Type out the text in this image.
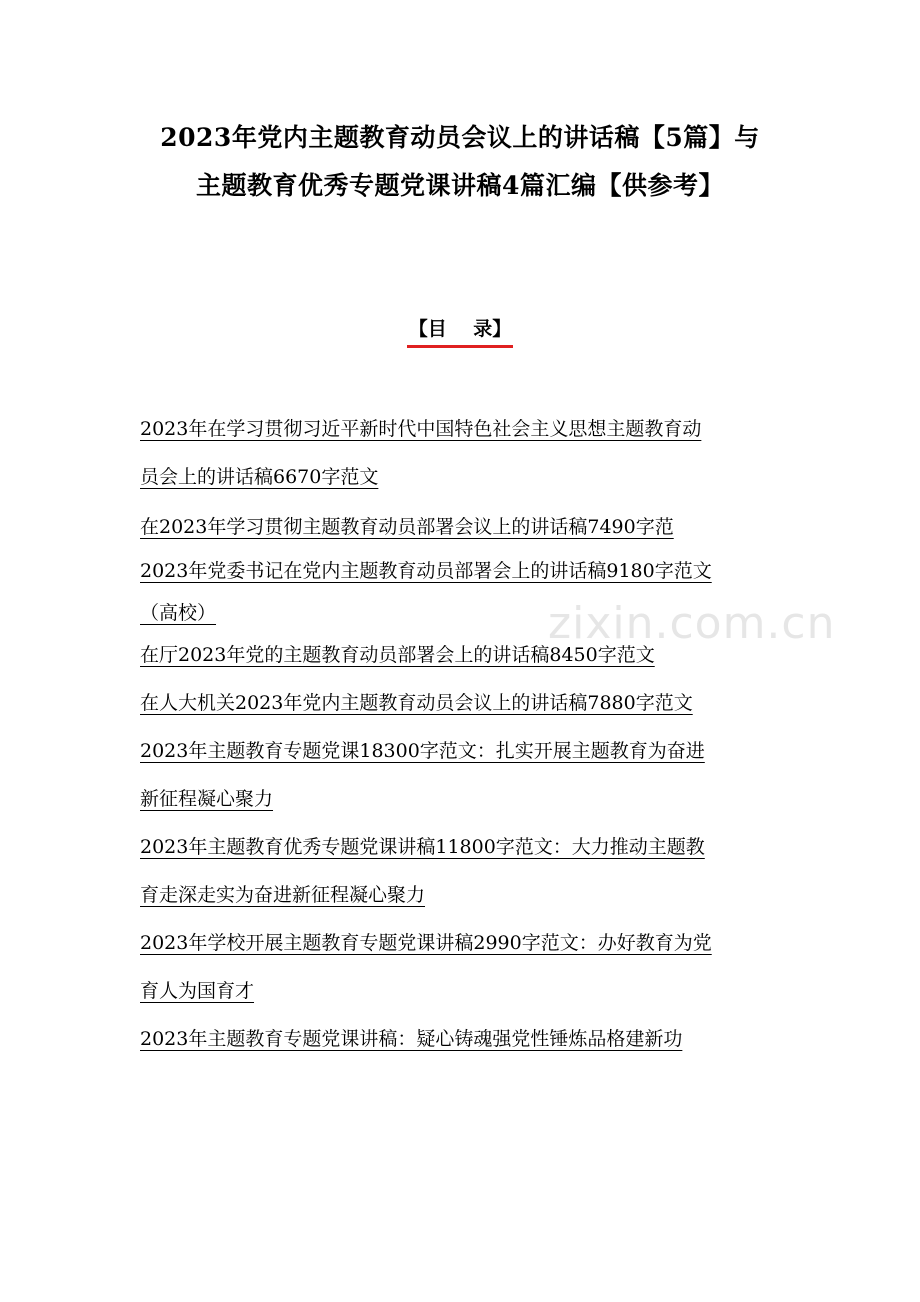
2023年党内主题教育动员会议上的讲话稿【5篇】与
主题教育优秀专题党课讲稿4篇汇编【供参考】
【目    录】
zixin.com.cn
2023年在学习贯彻习近平新时代中国特色社会主义思想主题教育动
员会上的讲话稿6670字范文
在2023年学习贯彻主题教育动员部署会议上的讲话稿7490字范
2023年党委书记在党内主题教育动员部署会上的讲话稿9180字范文
（高校）
在厅2023年党的主题教育动员部署会上的讲话稿8450字范文
在人大机关2023年党内主题教育动员会议上的讲话稿7880字范文
2023年主题教育专题党课18300字范文：扎实开展主题教育为奋进
新征程凝心聚力
2023年主题教育优秀专题党课讲稿11800字范文：大力推动主题教
育走深走实为奋进新征程凝心聚力
2023年学校开展主题教育专题党课讲稿2990字范文：办好教育为党
育人为国育才
2023年主题教育专题党课讲稿：疑心铸魂强党性锤炼品格建新功
